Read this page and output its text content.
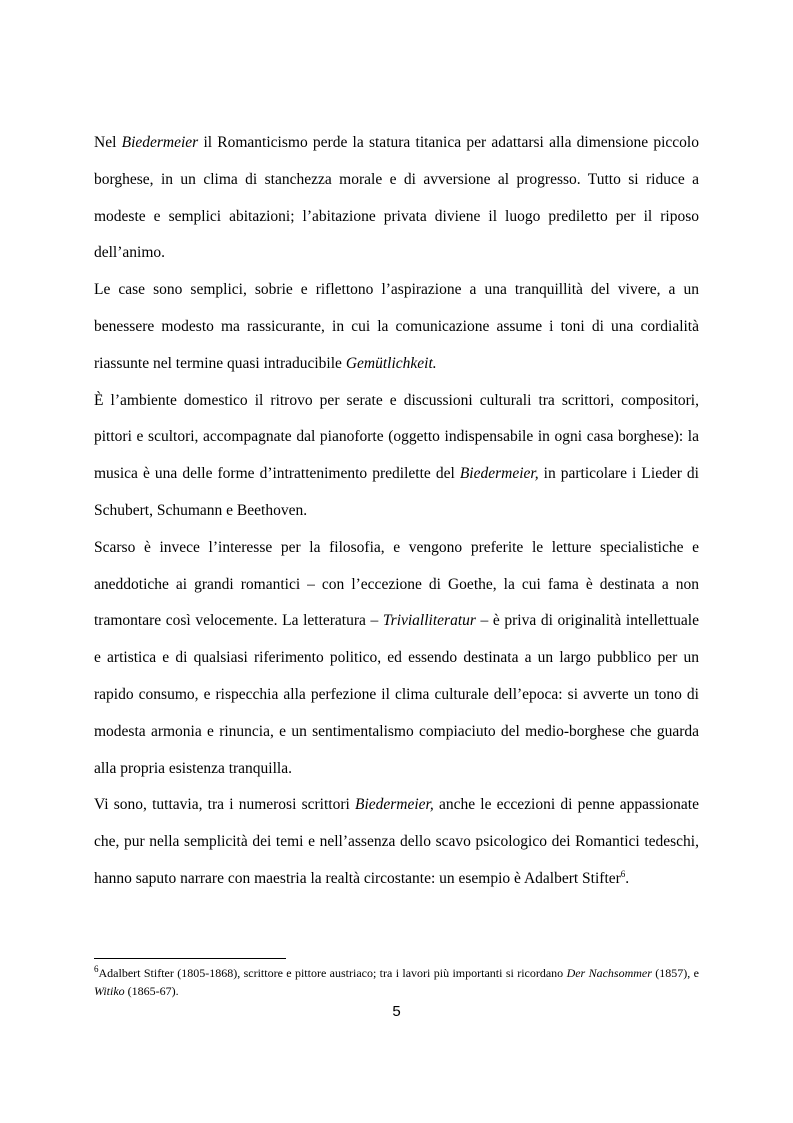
Nel Biedermeier il Romanticismo perde la statura titanica per adattarsi alla dimensione piccolo borghese, in un clima di stanchezza morale e di avversione al progresso. Tutto si riduce a modeste e semplici abitazioni; l’abitazione privata diviene il luogo prediletto per il riposo dell’animo.

Le case sono semplici, sobrie e riflettono l’aspirazione a una tranquillità del vivere, a un benessere modesto ma rassicurante, in cui la comunicazione assume i toni di una cordialità riassunte nel termine quasi intraducibile Gemütlichkeit.

È l’ambiente domestico il ritrovo per serate e discussioni culturali tra scrittori, compositori, pittori e scultori, accompagnate dal pianoforte (oggetto indispensabile in ogni casa borghese): la musica è una delle forme d’intrattenimento predilette del Biedermeier, in particolare i Lieder di Schubert, Schumann e Beethoven.

Scarso è invece l’interesse per la filosofia, e vengono preferite le letture specialistiche e aneddotiche ai grandi romantici – con l’eccezione di Goethe, la cui fama è destinata a non tramontare così velocemente. La letteratura – Trivialliteratur – è priva di originalità intellettuale e artistica e di qualsiasi riferimento politico, ed essendo destinata a un largo pubblico per un rapido consumo, e rispecchia alla perfezione il clima culturale dell’epoca: si avverte un tono di modesta armonia e rinuncia, e un sentimentalismo compiaciuto del medio-borghese che guarda alla propria esistenza tranquilla.

Vi sono, tuttavia, tra i numerosi scrittori Biedermeier, anche le eccezioni di penne appassionate che, pur nella semplicità dei temi e nell’assenza dello scavo psicologico dei Romantici tedeschi, hanno saputo narrare con maestria la realtà circostante: un esempio è Adalbert Stifter$^6$.

$^6$Adalbert Stifter (1805-1868), scrittore e pittore austriaco; tra i lavori più importanti si ricordano Der Nachsommer (1857), e Witiko (1865-67).
5
